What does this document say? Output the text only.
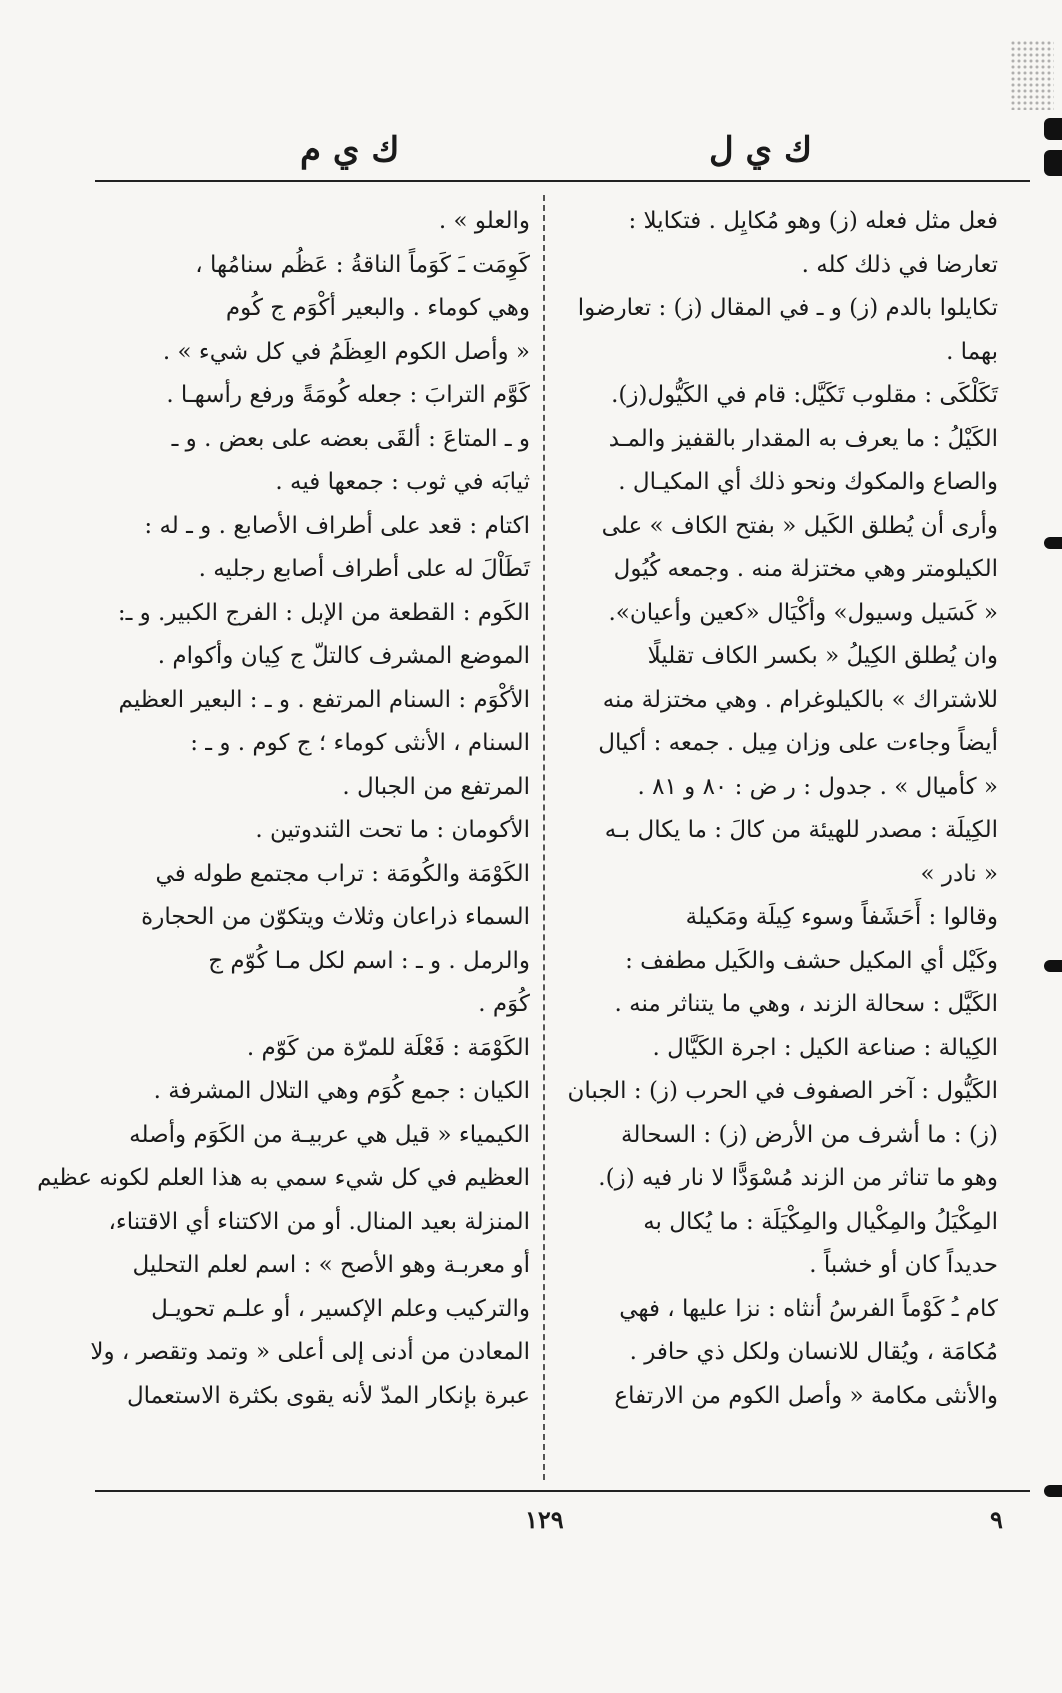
ك ي ل
ك ي م
فعل مثل فعله (ز) وهو مُكايِل . فتكايلا :
تعارضا في ذلك كله .
تكايلوا بالدم (ز) و ـ في المقال (ز) : تعارضوا
بهما .
تَكَلْكَى : مقلوب تَكَيَّل: قام في الكَيُّول(ز).
الكَيْلُ : ما يعرف به المقدار بالقفيز والمـد
والصاع والمكوك ونحو ذلك أي المكيـال .
وأرى أن يُطلق الكَيل « بفتح الكاف » على
الكيلومتر وهي مختزلة منه . وجمعه كُيُول
« كَسَيل وسيول» وأكْيَال «كعين وأعيان».
وان يُطلق الكِيلُ « بكسر الكاف تقليلًا
للاشتراك » بالكيلوغرام . وهي مختزلة منه
أيضاً وجاءت على وزان مِيل . جمعه : أكيال
« كأميال » . جدول : ر ض : ٨٠ و ٨١ .
الكِيلَة : مصدر للهيئة من كالَ : ما يكال بـه
« نادر »
وقالوا : أَحَشَفاً وسوء كِيلَة ومَكيلة
وكَيْل أي المكيل حشف والكَيل مطفف :
الكَيَّل : سحالة الزند ، وهي ما يتناثر منه .
الكِيالة : صناعة الكيل : اجرة الكَيَّال .
الكَيُّول : آخر الصفوف في الحرب (ز) : الجبان
(ز) : ما أشرف من الأرض (ز) : السحالة
وهو ما تناثر من الزند مُسْوَدًّا لا نار فيه (ز).
المِكْيَلُ والمِكْيال والمِكْيَلَة : ما يُكال به
حديداً كان أو خشباً .
كام ـُ كَوْماً الفرسُ أنثاه : نزا عليها ، فهي
مُكامَة ، ويُقال للانسان ولكل ذي حافر .
والأنثى مكامة « وأصل الكوم من الارتفاع
والعلو » .
كَوِمَت ـَ كَوَماً الناقةُ : عَظُم سنامُها ،
وهي كوماء . والبعير أكْوَم ج كُوم
« وأصل الكوم العِظَمُ في كل شيء » .
كَوَّم الترابَ : جعله كُومَةً ورفع رأسهـا .
و ـ المتاعَ : ألقَى بعضه على بعض . و ـ
ثيابَه في ثوب : جمعها فيه .
اكتام : قعد على أطراف الأصابع . و ـ له :
تَطَاْلَ له على أطراف أصابع رجليه .
الكَوم : القطعة من الإبل : الفرج الكبير. و ـ:
الموضع المشرف كالتلّ ج كِيان وأكوام .
الأكْوَم : السنام المرتفع . و ـ : البعير العظيم
السنام ، الأنثى كوماء ؛ ج كوم . و ـ :
المرتفع من الجبال .
الأكومان : ما تحت الثندوتين .
الكَوْمَة والكُومَة : تراب مجتمع طوله في
السماء ذراعان وثلاث ويتكوّن من الحجارة
والرمل . و ـ : اسم لكل مـا كُوّم ج
كُوَم .
الكَوْمَة : فَعْلَة للمرّة من كَوّم .
الكيان : جمع كُوَم وهي التلال المشرفة .
الكيمياء « قيل هي عربيـة من الكَوَم وأصله
العظيم في كل شيء سمي به هذا العلم لكونه عظيم
المنزلة بعيد المنال. أو من الاكتناء أي الاقتناء،
أو معربـة وهو الأصح » : اسم لعلم التحليل
والتركيب وعلم الإكسير ، أو علـم تحويـل
المعادن من أدنى إلى أعلى « وتمد وتقصر ، ولا
عبرة بإنكار المدّ لأنه يقوى بكثرة الاستعمال
١٢٩	٩
